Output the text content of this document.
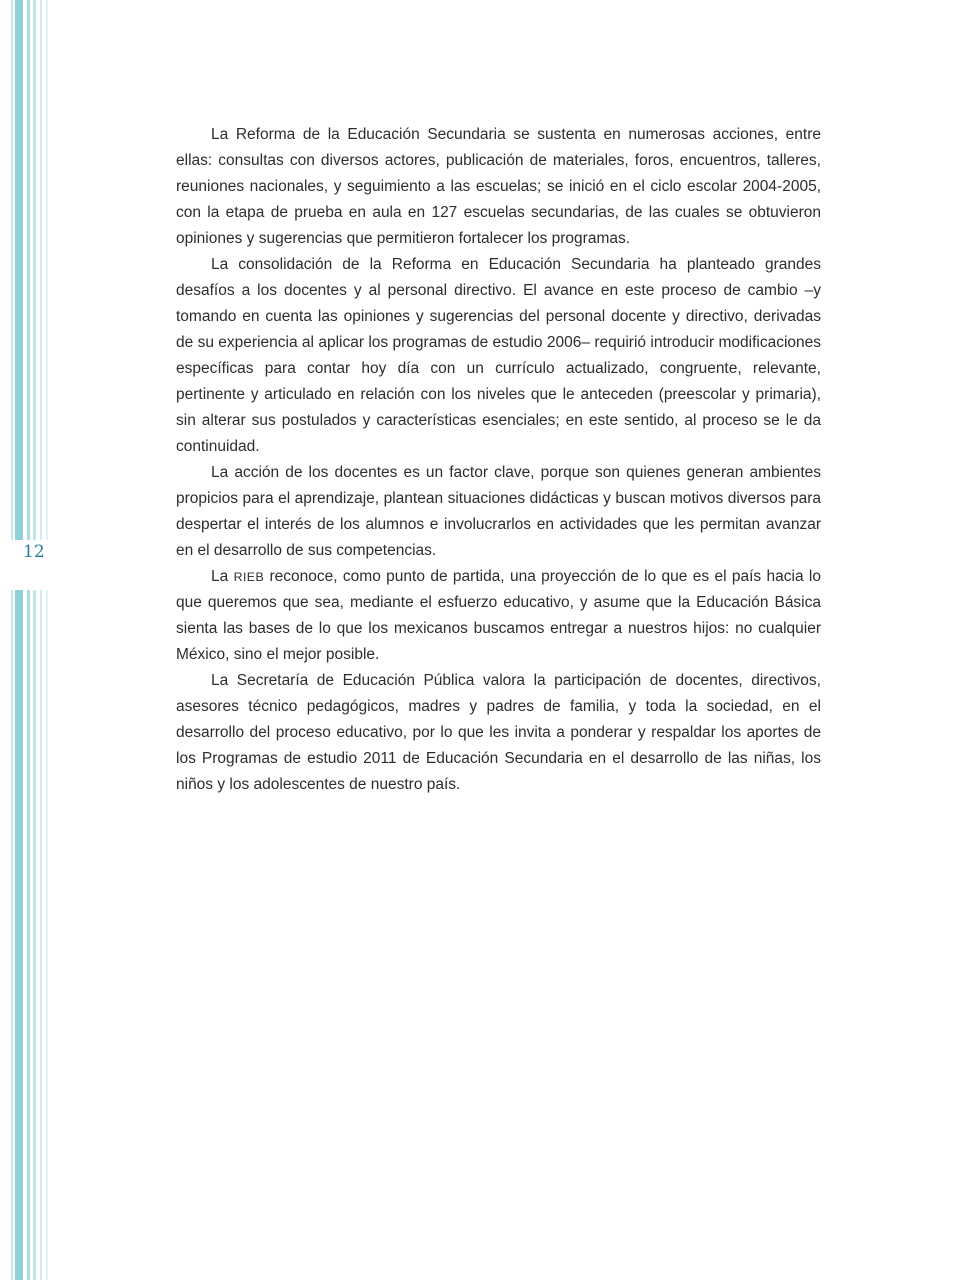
12

La Reforma de la Educación Secundaria se sustenta en numerosas acciones, entre ellas: consultas con diversos actores, publicación de materiales, foros, encuentros, talleres, reuniones nacionales, y seguimiento a las escuelas; se inició en el ciclo escolar 2004-2005, con la etapa de prueba en aula en 127 escuelas secundarias, de las cuales se obtuvieron opiniones y sugerencias que permitieron fortalecer los programas.

La consolidación de la Reforma en Educación Secundaria ha planteado grandes desafíos a los docentes y al personal directivo. El avance en este proceso de cambio –y tomando en cuenta las opiniones y sugerencias del personal docente y directivo, derivadas de su experiencia al aplicar los programas de estudio 2006– requirió introducir modificaciones específicas para contar hoy día con un currículo actualizado, congruente, relevante, pertinente y articulado en relación con los niveles que le anteceden (preescolar y primaria), sin alterar sus postulados y características esenciales; en este sentido, al proceso se le da continuidad.

La acción de los docentes es un factor clave, porque son quienes generan ambientes propicios para el aprendizaje, plantean situaciones didácticas y buscan motivos diversos para despertar el interés de los alumnos e involucrarlos en actividades que les permitan avanzar en el desarrollo de sus competencias.

La RIEB reconoce, como punto de partida, una proyección de lo que es el país hacia lo que queremos que sea, mediante el esfuerzo educativo, y asume que la Educación Básica sienta las bases de lo que los mexicanos buscamos entregar a nuestros hijos: no cualquier México, sino el mejor posible.

La Secretaría de Educación Pública valora la participación de docentes, directivos, asesores técnico pedagógicos, madres y padres de familia, y toda la sociedad, en el desarrollo del proceso educativo, por lo que les invita a ponderar y respaldar los aportes de los Programas de estudio 2011 de Educación Secundaria en el desarrollo de las niñas, los niños y los adolescentes de nuestro país.
